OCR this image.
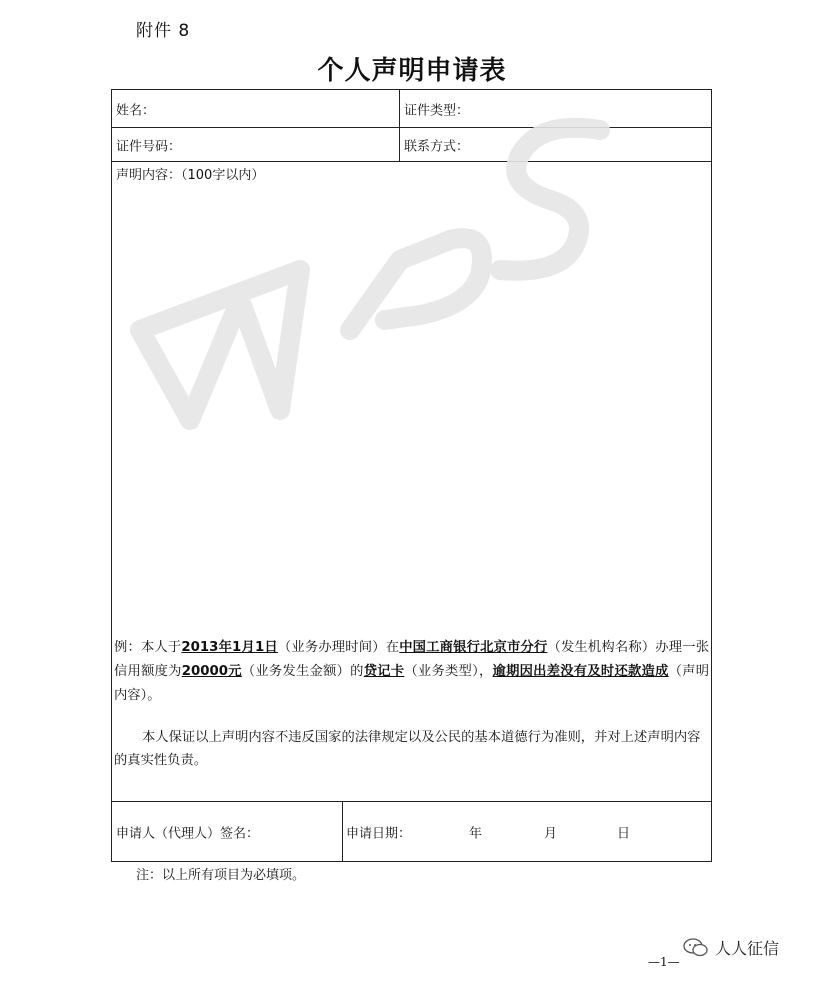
附件 8
个人声明申请表
姓名：	证件类型：
证件号码：	联系方式：
声明内容：（100字以内）
例：本人于2013年1月1日（业务办理时间）在中国工商银行北京市分行（发生机构名称）办理一张信用额度为20000元（业务发生金额）的贷记卡（业务类型），逾期因出差没有及时还款造成（声明内容）。
本人保证以上声明内容不违反国家的法律规定以及公民的基本道德行为准则，并对上述声明内容的真实性负责。
申请人（代理人）签名：	申请日期：	年	月	日
注：以上所有项目为必填项。
人人征信
—1—
